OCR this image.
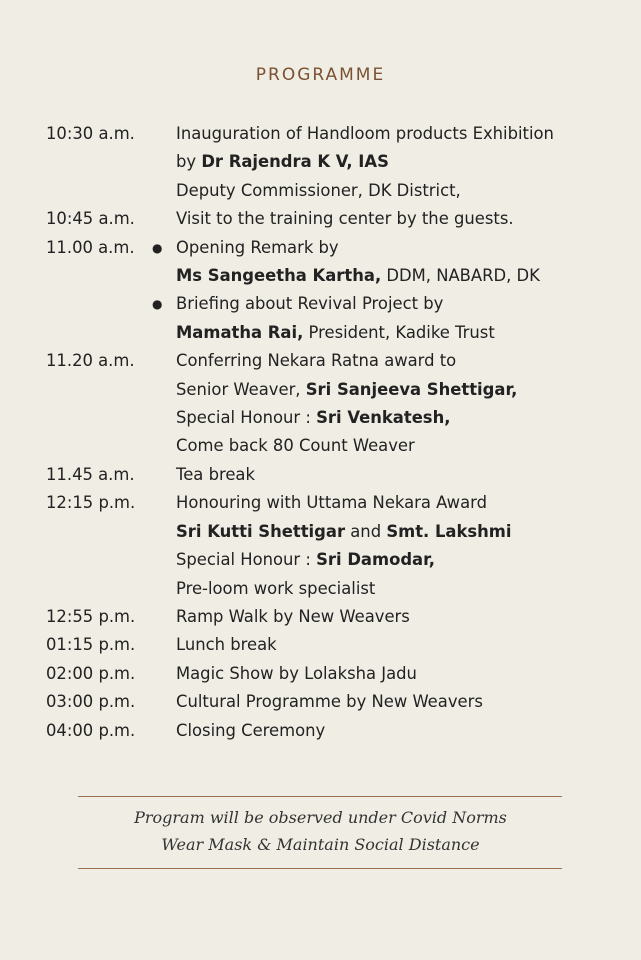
PROGRAMME
10:30 a.m.	Inauguration of Handloom products Exhibition
by Dr Rajendra K V, IAS
Deputy Commissioner, DK District,
10:45 a.m.	Visit to the training center by the guests.
11.00 a.m.	● Opening Remark by
Ms Sangeetha Kartha, DDM, NABARD, DK
● Briefing about Revival Project by
Mamatha Rai, President, Kadike Trust
11.20 a.m.	Conferring Nekara Ratna award to
Senior Weaver, Sri Sanjeeva Shettigar,
Special Honour : Sri Venkatesh,
Come back 80 Count Weaver
11.45 a.m.	Tea break
12:15 p.m.	Honouring with Uttama Nekara Award
Sri Kutti Shettigar and Smt. Lakshmi
Special Honour : Sri Damodar,
Pre-loom work specialist
12:55 p.m.	Ramp Walk by New Weavers
01:15 p.m.	Lunch break
02:00 p.m.	Magic Show by Lolaksha Jadu
03:00 p.m.	Cultural Programme by New Weavers
04:00 p.m.	Closing Ceremony
Program will be observed under Covid Norms
Wear Mask & Maintain Social Distance
